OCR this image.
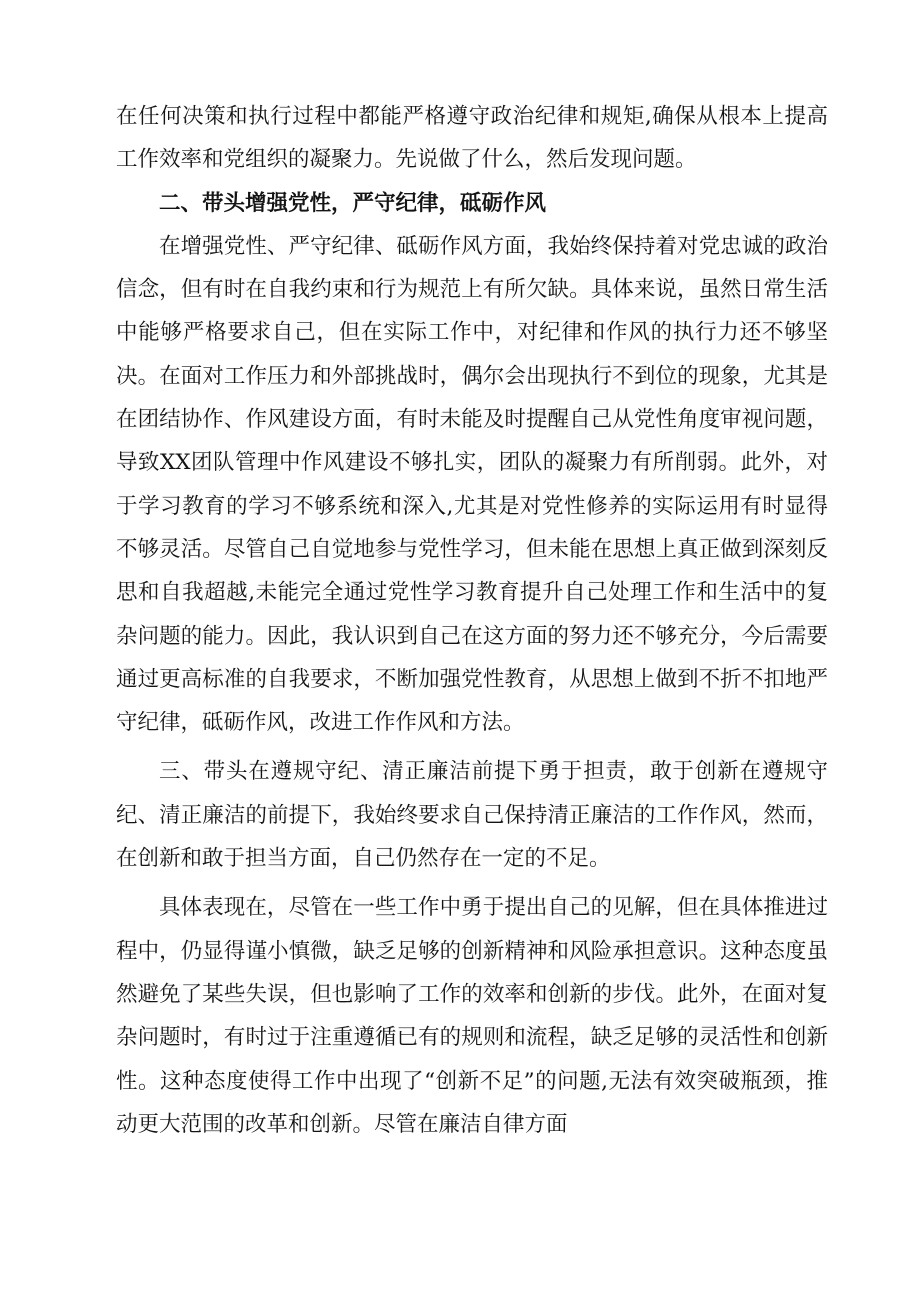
在任何决策和执行过程中都能严格遵守政治纪律和规矩,确保从根本上提高工作效率和党组织的凝聚力。先说做了什么，然后发现问题。

二、带头增强党性，严守纪律，砥砺作风

在增强党性、严守纪律、砥砺作风方面，我始终保持着对党忠诚的政治信念，但有时在自我约束和行为规范上有所欠缺。具体来说，虽然日常生活中能够严格要求自己，但在实际工作中，对纪律和作风的执行力还不够坚决。在面对工作压力和外部挑战时，偶尔会出现执行不到位的现象，尤其是在团结协作、作风建设方面，有时未能及时提醒自己从党性角度审视问题，导致XX团队管理中作风建设不够扎实，团队的凝聚力有所削弱。此外，对于学习教育的学习不够系统和深入,尤其是对党性修养的实际运用有时显得不够灵活。尽管自己自觉地参与党性学习，但未能在思想上真正做到深刻反思和自我超越,未能完全通过党性学习教育提升自己处理工作和生活中的复杂问题的能力。因此，我认识到自己在这方面的努力还不够充分，今后需要通过更高标准的自我要求，不断加强党性教育，从思想上做到不折不扣地严守纪律，砥砺作风，改进工作作风和方法。

三、带头在遵规守纪、清正廉洁前提下勇于担责，敢于创新在遵规守纪、清正廉洁的前提下，我始终要求自己保持清正廉洁的工作作风，然而，在创新和敢于担当方面，自己仍然存在一定的不足。

具体表现在，尽管在一些工作中勇于提出自己的见解，但在具体推进过程中，仍显得谨小慎微，缺乏足够的创新精神和风险承担意识。这种态度虽然避免了某些失误，但也影响了工作的效率和创新的步伐。此外，在面对复杂问题时，有时过于注重遵循已有的规则和流程，缺乏足够的灵活性和创新性。这种态度使得工作中出现了“创新不足”的问题,无法有效突破瓶颈，推动更大范围的改革和创新。尽管在廉洁自律方面
